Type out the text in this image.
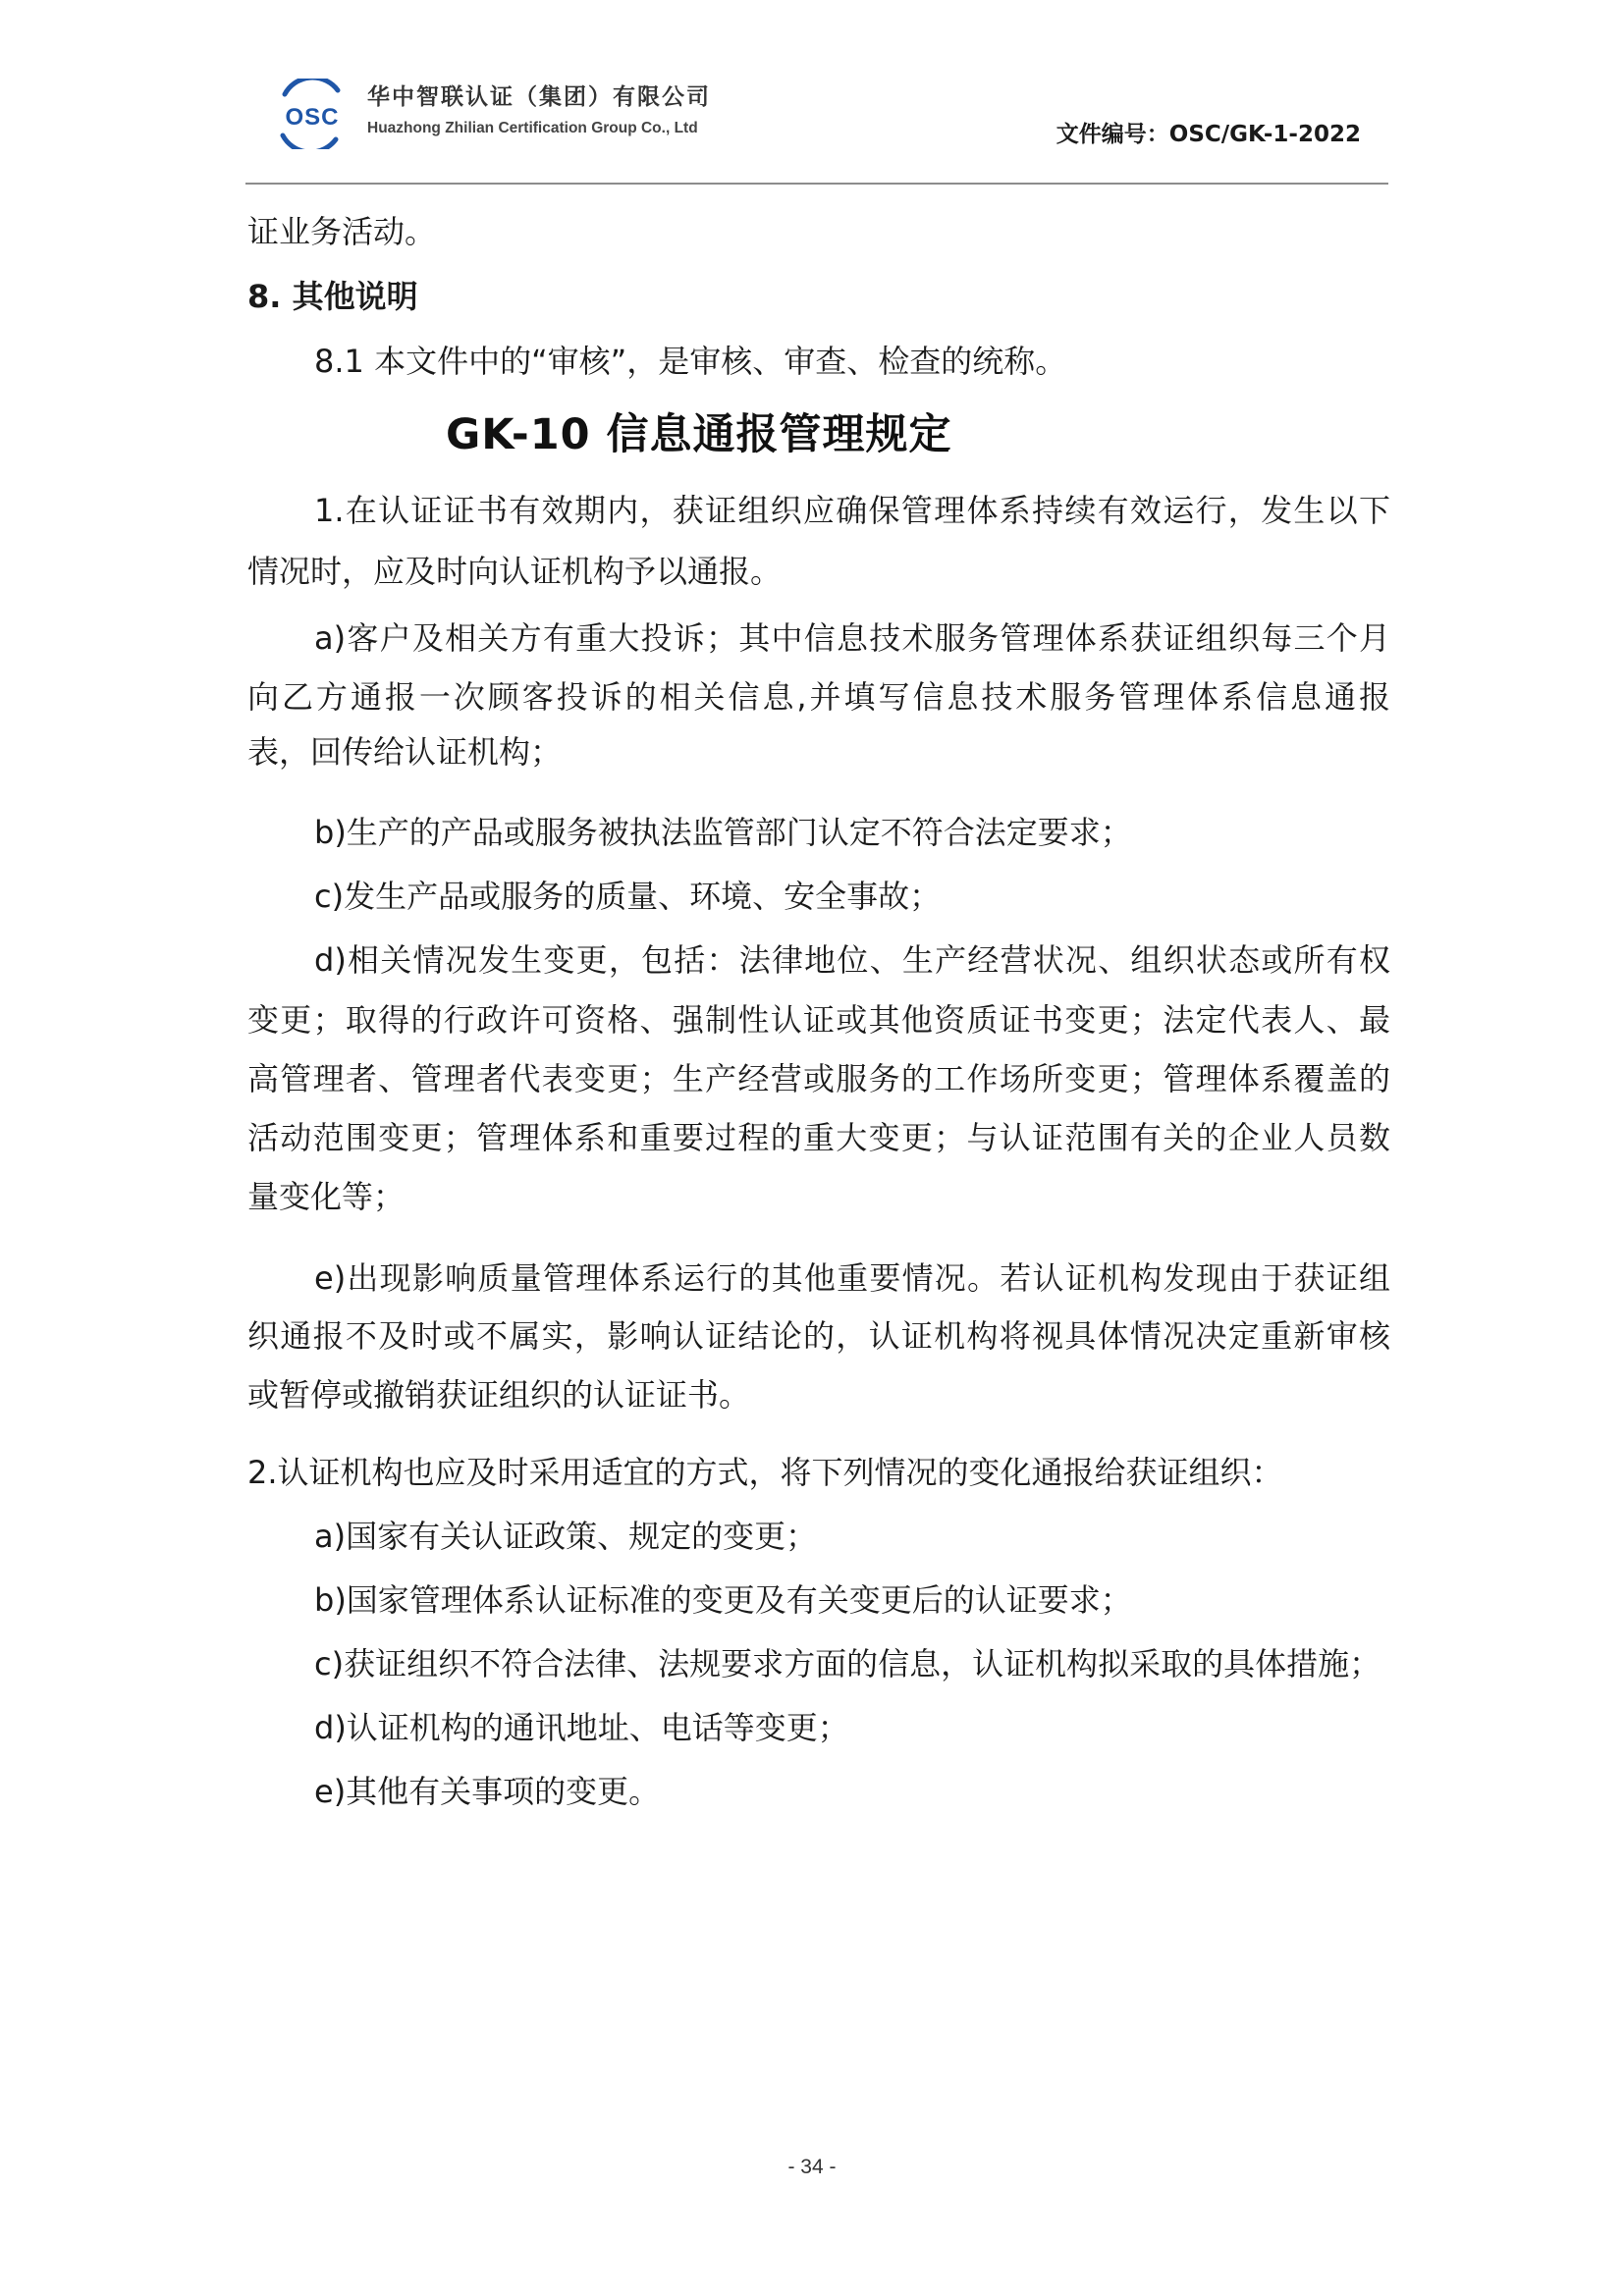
OSC
华中智联认证（集团）有限公司
Huazhong Zhilian Certification Group Co., Ltd	文件编号：OSC/GK-1-2022
证业务活动。
8. 其他说明
8.1 本文件中的“审核”，是审核、审查、检查的统称。
GK-10 信息通报管理规定
1.在认证证书有效期内，获证组织应确保管理体系持续有效运行，发生以下
情况时，应及时向认证机构予以通报。
a)客户及相关方有重大投诉；其中信息技术服务管理体系获证组织每三个月
向乙方通报一次顾客投诉的相关信息,并填写信息技术服务管理体系信息通报
表，回传给认证机构；
b)生产的产品或服务被执法监管部门认定不符合法定要求；
c)发生产品或服务的质量、环境、安全事故；
d)相关情况发生变更，包括：法律地位、生产经营状况、组织状态或所有权
变更；取得的行政许可资格、强制性认证或其他资质证书变更；法定代表人、最
高管理者、管理者代表变更；生产经营或服务的工作场所变更；管理体系覆盖的
活动范围变更；管理体系和重要过程的重大变更；与认证范围有关的企业人员数
量变化等；
e)出现影响质量管理体系运行的其他重要情况。若认证机构发现由于获证组
织通报不及时或不属实，影响认证结论的，认证机构将视具体情况决定重新审核
或暂停或撤销获证组织的认证证书。
2.认证机构也应及时采用适宜的方式，将下列情况的变化通报给获证组织：
a)国家有关认证政策、规定的变更；
b)国家管理体系认证标准的变更及有关变更后的认证要求；
c)获证组织不符合法律、法规要求方面的信息，认证机构拟采取的具体措施；
d)认证机构的通讯地址、电话等变更；
e)其他有关事项的变更。
- 34 -
